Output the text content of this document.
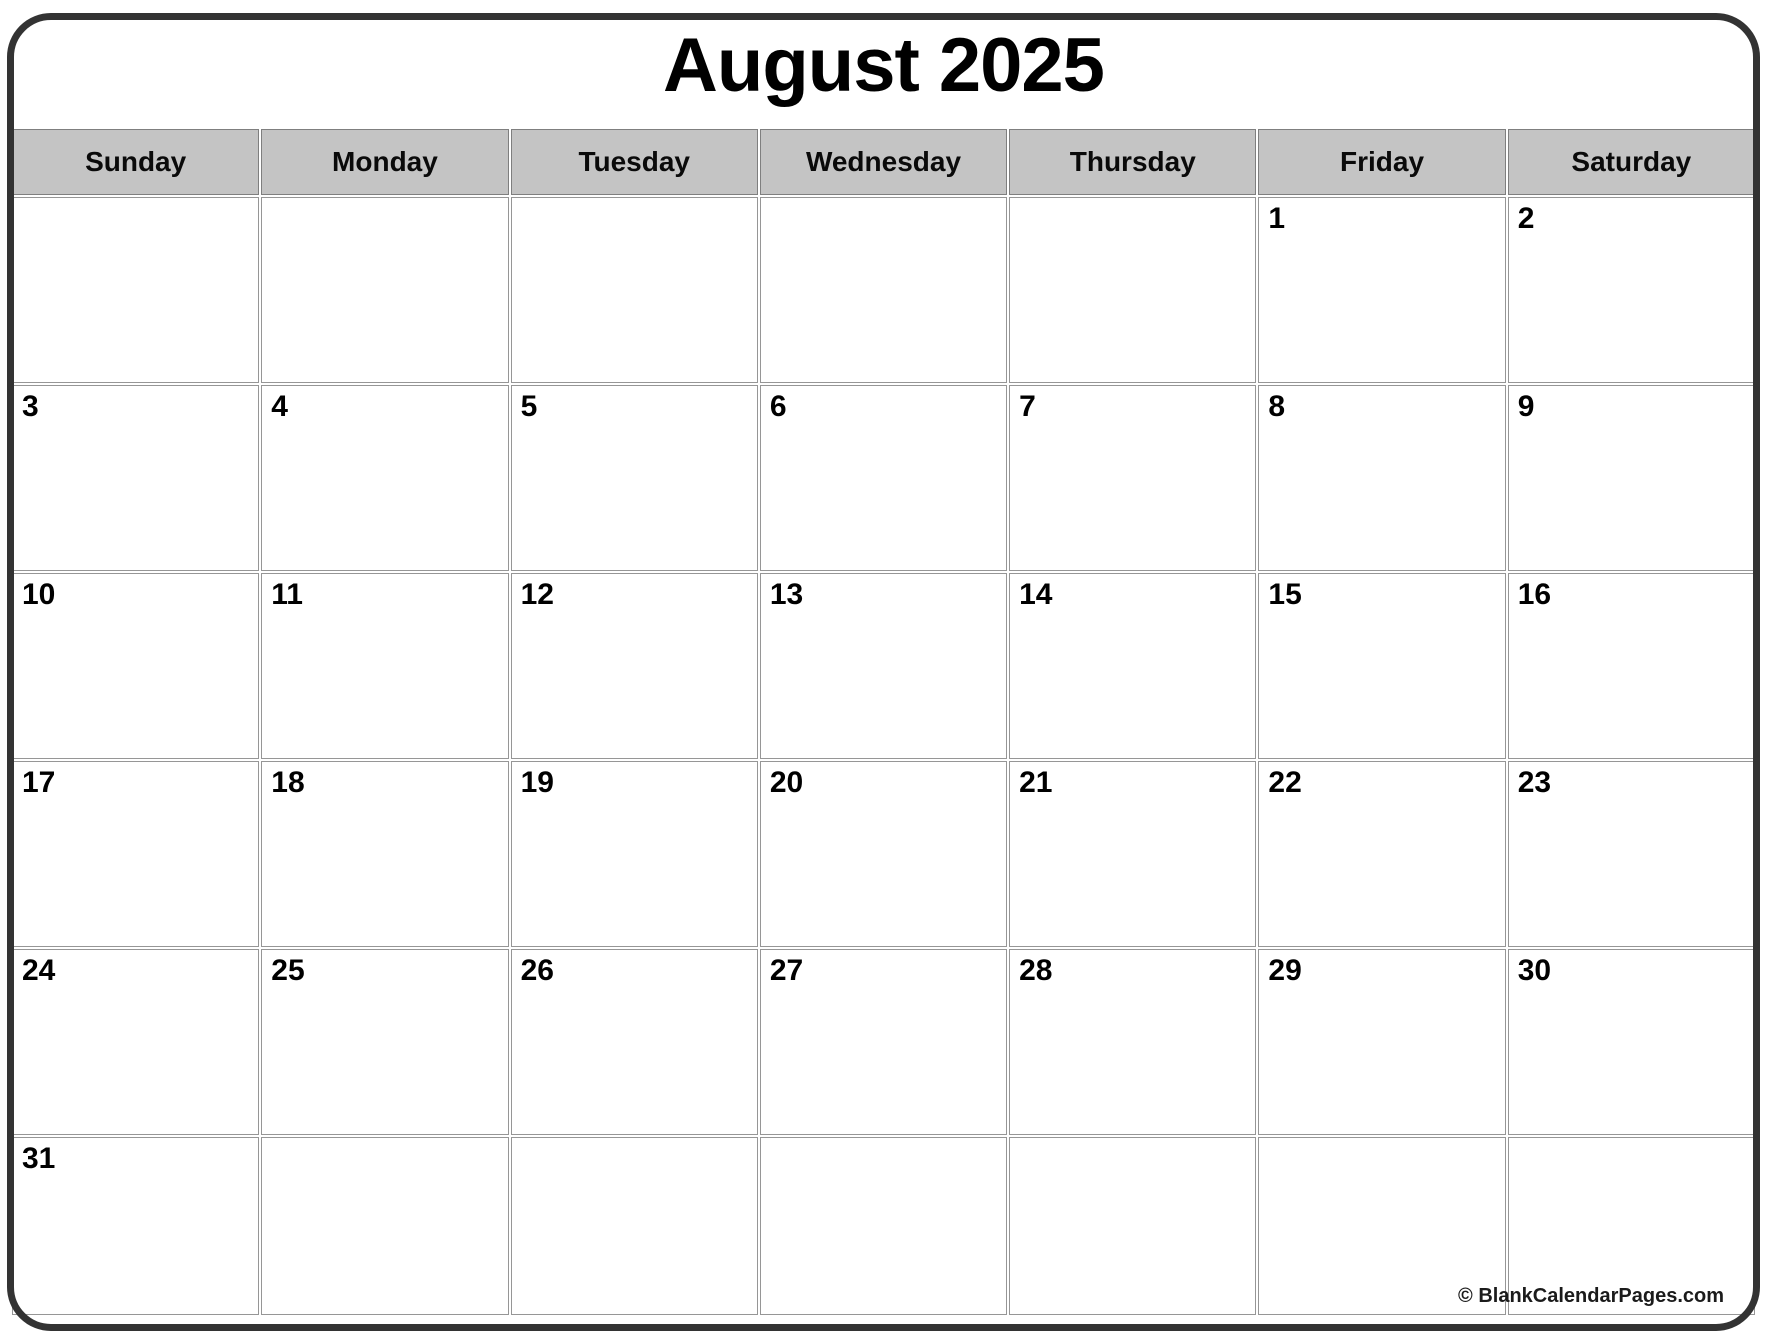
August 2025
Sunday	Monday	Tuesday	Wednesday	Thursday	Friday	Saturday
					1	2
3	4	5	6	7	8	9
10	11	12	13	14	15	16
17	18	19	20	21	22	23
24	25	26	27	28	29	30
31						© BlankCalendarPages.com
